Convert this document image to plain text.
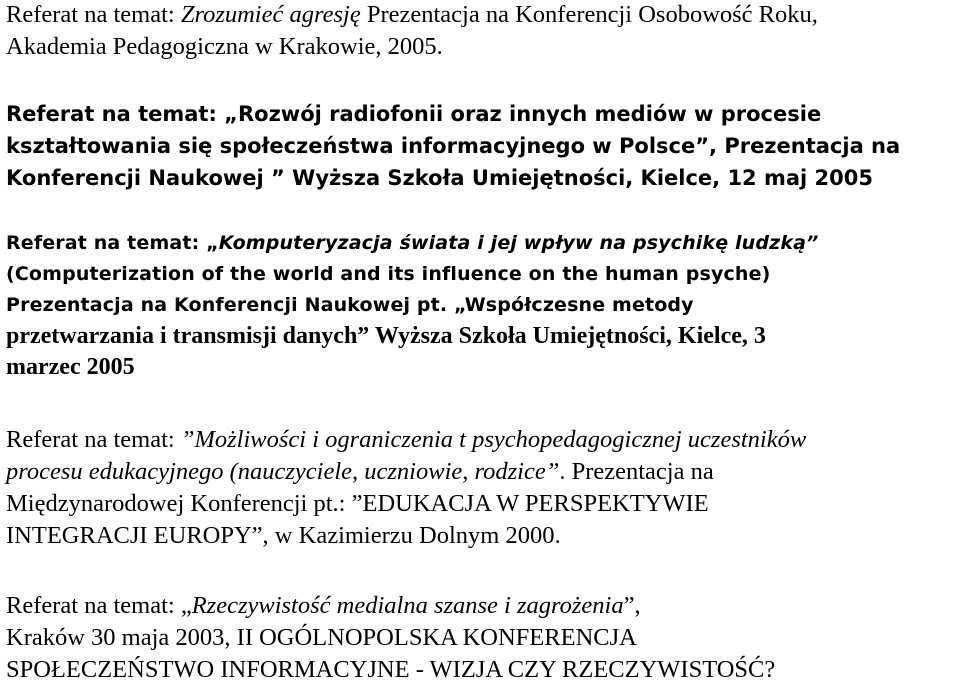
Referat na temat: Zrozumieć agresję Prezentacja na Konferencji Osobowość Roku,
Akademia Pedagogiczna w Krakowie, 2005.
Referat na temat: „Rozwój radiofonii oraz innych mediów w procesie
kształtowania się społeczeństwa informacyjnego w Polsce”, Prezentacja na
Konferencji Naukowej ” Wyższa Szkoła Umiejętności, Kielce, 12 maj 2005
Referat na temat: „Komputeryzacja świata i jej wpływ na psychikę ludzką”
(Computerization of the world and its influence on the human psyche)
Prezentacja na Konferencji Naukowej pt. „Współczesne metody
przetwarzania i transmisji danych” Wyższa Szkoła Umiejętności, Kielce, 3
marzec 2005
Referat na temat: ”Możliwości i ograniczenia t psychopedagogicznej uczestników
procesu edukacyjnego (nauczyciele, uczniowie, rodzice”. Prezentacja na
Międzynarodowej Konferencji pt.: ”EDUKACJA W PERSPEKTYWIE
INTEGRACJI EUROPY”, w Kazimierzu Dolnym 2000.
Referat na temat: „Rzeczywistość medialna szanse i zagrożenia”,
Kraków 30 maja 2003, II OGÓLNOPOLSKA KONFERENCJA
SPOŁECZEŃSTWO INFORMACYJNE - WIZJA CZY RZECZYWISTOŚĆ?
